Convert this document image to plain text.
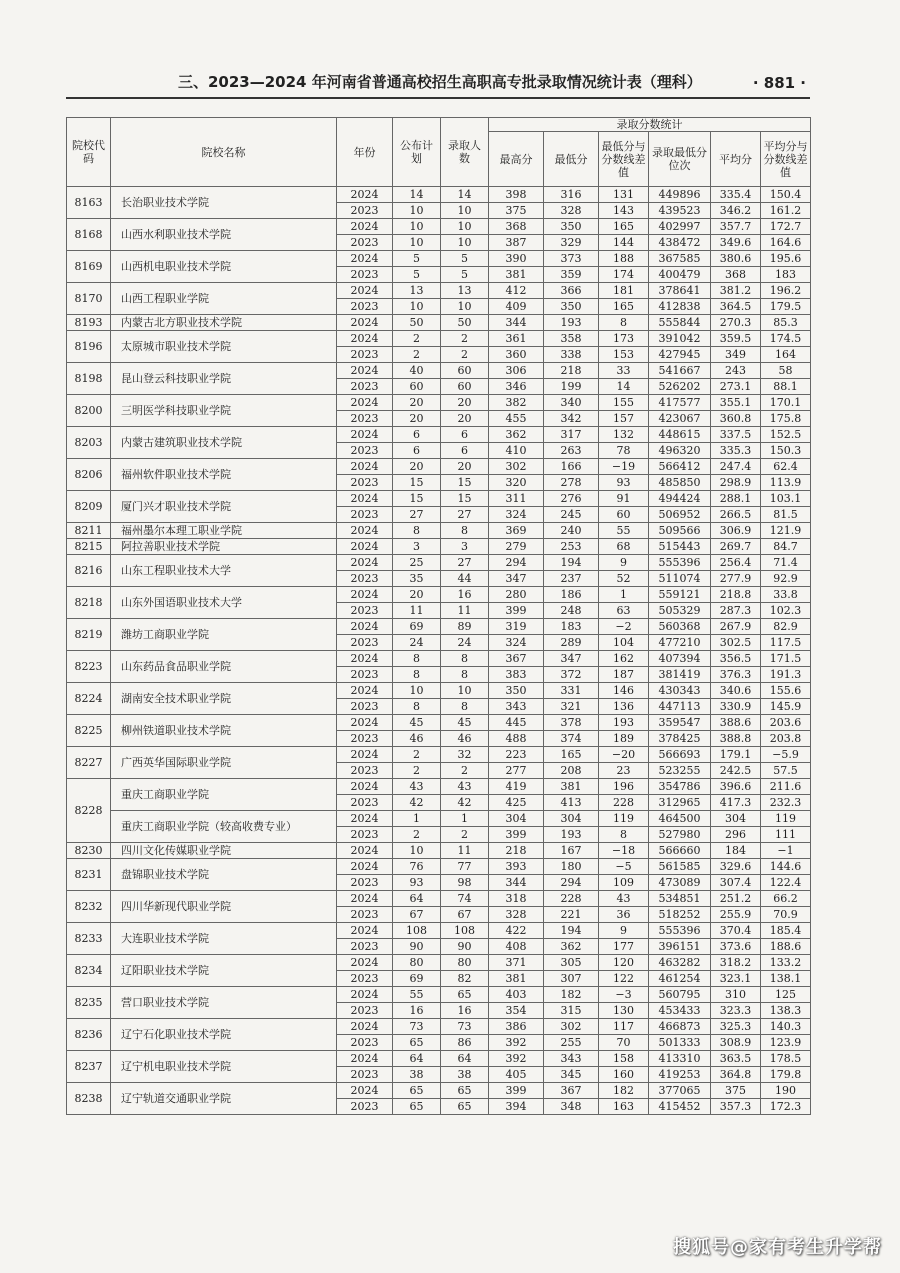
三、2023—2024 年河南省普通高校招生高职高专批录取情况统计表（理科）	· 881 ·
院校代码	院校名称	年份	公布计划	录取人数	录取分数统计					
					最高分	最低分	最低分与分数线差值	录取最低分位次	平均分	平均分与分数线差值
8163	长治职业技术学院	2024	14	14	398	316	131	449896	335.4	150.4
		2023	10	10	375	328	143	439523	346.2	161.2
8168	山西水利职业技术学院	2024	10	10	368	350	165	402997	357.7	172.7
		2023	10	10	387	329	144	438472	349.6	164.6
8169	山西机电职业技术学院	2024	5	5	390	373	188	367585	380.6	195.6
		2023	5	5	381	359	174	400479	368	183
8170	山西工程职业学院	2024	13	13	412	366	181	378641	381.2	196.2
		2023	10	10	409	350	165	412838	364.5	179.5
8193	内蒙古北方职业技术学院	2024	50	50	344	193	8	555844	270.3	85.3
8196	太原城市职业技术学院	2024	2	2	361	358	173	391042	359.5	174.5
		2023	2	2	360	338	153	427945	349	164
8198	昆山登云科技职业学院	2024	40	60	306	218	33	541667	243	58
		2023	60	60	346	199	14	526202	273.1	88.1
8200	三明医学科技职业学院	2024	20	20	382	340	155	417577	355.1	170.1
		2023	20	20	455	342	157	423067	360.8	175.8
8203	内蒙古建筑职业技术学院	2024	6	6	362	317	132	448615	337.5	152.5
		2023	6	6	410	263	78	496320	335.3	150.3
8206	福州软件职业技术学院	2024	20	20	302	166	−19	566412	247.4	62.4
		2023	15	15	320	278	93	485850	298.9	113.9
8209	厦门兴才职业技术学院	2024	15	15	311	276	91	494424	288.1	103.1
		2023	27	27	324	245	60	506952	266.5	81.5
8211	福州墨尔本理工职业学院	2024	8	8	369	240	55	509566	306.9	121.9
8215	阿拉善职业技术学院	2024	3	3	279	253	68	515443	269.7	84.7
8216	山东工程职业技术大学	2024	25	27	294	194	9	555396	256.4	71.4
		2023	35	44	347	237	52	511074	277.9	92.9
8218	山东外国语职业技术大学	2024	20	16	280	186	1	559121	218.8	33.8
		2023	11	11	399	248	63	505329	287.3	102.3
8219	潍坊工商职业学院	2024	69	89	319	183	−2	560368	267.9	82.9
		2023	24	24	324	289	104	477210	302.5	117.5
8223	山东药品食品职业学院	2024	8	8	367	347	162	407394	356.5	171.5
		2023	8	8	383	372	187	381419	376.3	191.3
8224	湖南安全技术职业学院	2024	10	10	350	331	146	430343	340.6	155.6
		2023	8	8	343	321	136	447113	330.9	145.9
8225	柳州铁道职业技术学院	2024	45	45	445	378	193	359547	388.6	203.6
		2023	46	46	488	374	189	378425	388.8	203.8
8227	广西英华国际职业学院	2024	2	32	223	165	−20	566693	179.1	−5.9
		2023	2	2	277	208	23	523255	242.5	57.5
8228	重庆工商职业学院	2024	43	43	419	381	196	354786	396.6	211.6
		2023	42	42	425	413	228	312965	417.3	232.3
	重庆工商职业学院（较高收费专业）	2024	1	1	304	304	119	464500	304	119
		2023	2	2	399	193	8	527980	296	111
8230	四川文化传媒职业学院	2024	10	11	218	167	−18	566660	184	−1
8231	盘锦职业技术学院	2024	76	77	393	180	−5	561585	329.6	144.6
		2023	93	98	344	294	109	473089	307.4	122.4
8232	四川华新现代职业学院	2024	64	74	318	228	43	534851	251.2	66.2
		2023	67	67	328	221	36	518252	255.9	70.9
8233	大连职业技术学院	2024	108	108	422	194	9	555396	370.4	185.4
		2023	90	90	408	362	177	396151	373.6	188.6
8234	辽阳职业技术学院	2024	80	80	371	305	120	463282	318.2	133.2
		2023	69	82	381	307	122	461254	323.1	138.1
8235	营口职业技术学院	2024	55	65	403	182	−3	560795	310	125
		2023	16	16	354	315	130	453433	323.3	138.3
8236	辽宁石化职业技术学院	2024	73	73	386	302	117	466873	325.3	140.3
		2023	65	86	392	255	70	501333	308.9	123.9
8237	辽宁机电职业技术学院	2024	64	64	392	343	158	413310	363.5	178.5
		2023	38	38	405	345	160	419253	364.8	179.8
8238	辽宁轨道交通职业学院	2024	65	65	399	367	182	377065	375	190
		2023	65	65	394	348	163	415452	357.3	172.3
搜狐号@家有考生升学帮
